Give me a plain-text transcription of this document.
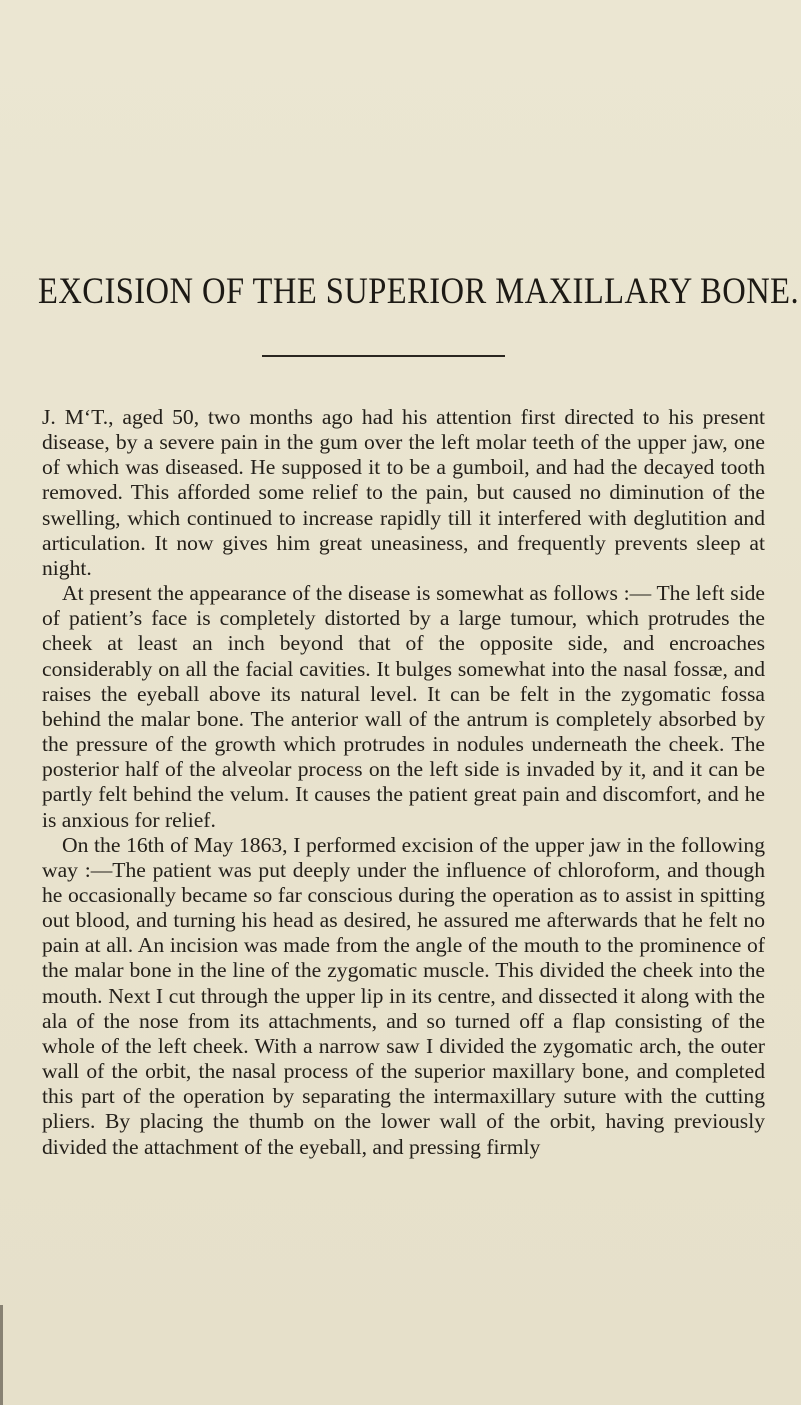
EXCISION OF THE SUPERIOR MAXILLARY BONE.

J. M‘T., aged 50, two months ago had his attention first directed to his present disease, by a severe pain in the gum over the left molar teeth of the upper jaw, one of which was diseased. He supposed it to be a gumboil, and had the decayed tooth removed. This afforded some relief to the pain, but caused no diminution of the swelling, which continued to increase rapidly till it interfered with deglutition and articulation. It now gives him great uneasiness, and frequently prevents sleep at night.

At present the appearance of the disease is somewhat as follows :— The left side of patient’s face is completely distorted by a large tumour, which protrudes the cheek at least an inch beyond that of the opposite side, and encroaches considerably on all the facial cavities. It bulges somewhat into the nasal fossæ, and raises the eyeball above its natural level. It can be felt in the zygomatic fossa behind the malar bone. The anterior wall of the antrum is completely absorbed by the pressure of the growth which protrudes in nodules underneath the cheek. The posterior half of the alveolar process on the left side is invaded by it, and it can be partly felt behind the velum. It causes the patient great pain and discomfort, and he is anxious for relief.

On the 16th of May 1863, I performed excision of the upper jaw in the following way :—The patient was put deeply under the influence of chloroform, and though he occasionally became so far conscious during the operation as to assist in spitting out blood, and turning his head as desired, he assured me afterwards that he felt no pain at all. An incision was made from the angle of the mouth to the prominence of the malar bone in the line of the zygomatic muscle. This divided the cheek into the mouth. Next I cut through the upper lip in its centre, and dissected it along with the ala of the nose from its attachments, and so turned off a flap consisting of the whole of the left cheek. With a narrow saw I divided the zygomatic arch, the outer wall of the orbit, the nasal process of the superior maxillary bone, and completed this part of the operation by separating the intermaxillary suture with the cutting pliers. By placing the thumb on the lower wall of the orbit, having previously divided the attachment of the eyeball, and pressing firmly
